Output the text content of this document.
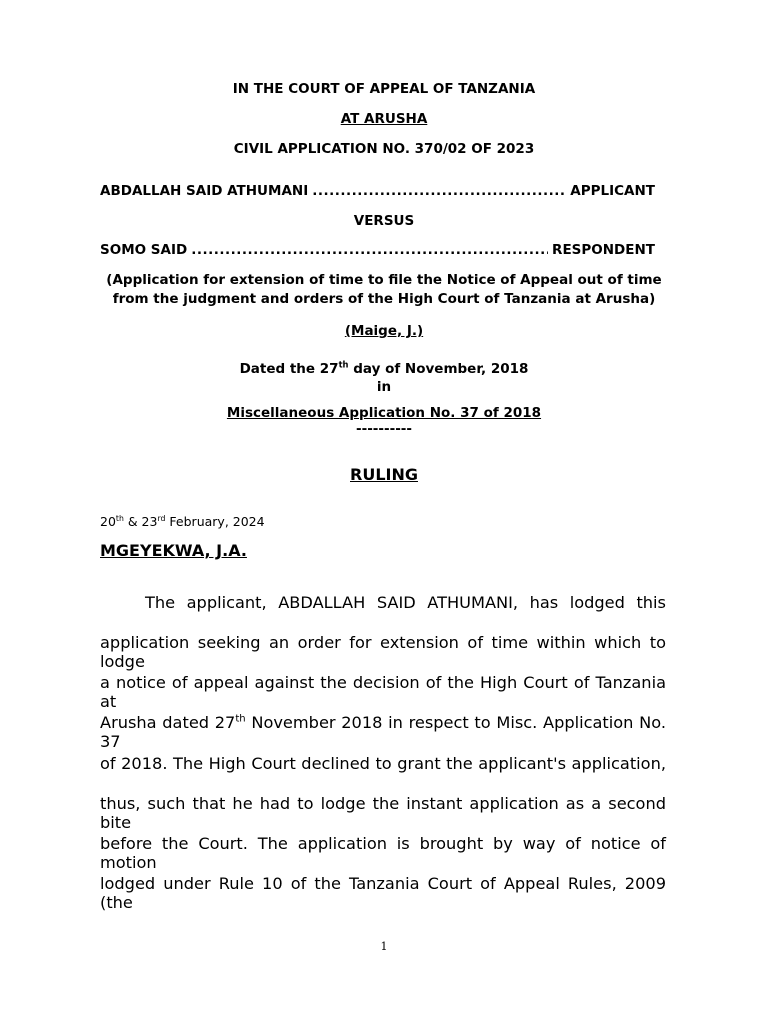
IN THE COURT OF APPEAL OF TANZANIA
AT ARUSHA
CIVIL APPLICATION NO. 370/02 OF 2023
ABDALLAH SAID ATHUMANI .....	APPLICANT
VERSUS
SOMO SAID .....	RESPONDENT
(Application for extension of time to file the Notice of Appeal out of time
from the judgment and orders of the High Court of Tanzania at Arusha)
(Maige, J.)
Dated the 27th day of November, 2018
in
Miscellaneous Application No. 37 of 2018
----------
RULING
20th & 23rd February, 2024
MGEYEKWA, J.A.
The applicant, ABDALLAH SAID ATHUMANI, has lodged this
application seeking an order for extension of time within which to lodge
a notice of appeal against the decision of the High Court of Tanzania at
Arusha dated 27th November 2018 in respect to Misc. Application No. 37
of 2018. The High Court declined to grant the applicant's application,
thus, such that he had to lodge the instant application as a second bite
before the Court. The application is brought by way of notice of motion
lodged under Rule 10 of the Tanzania Court of Appeal Rules, 2009 (the
1
